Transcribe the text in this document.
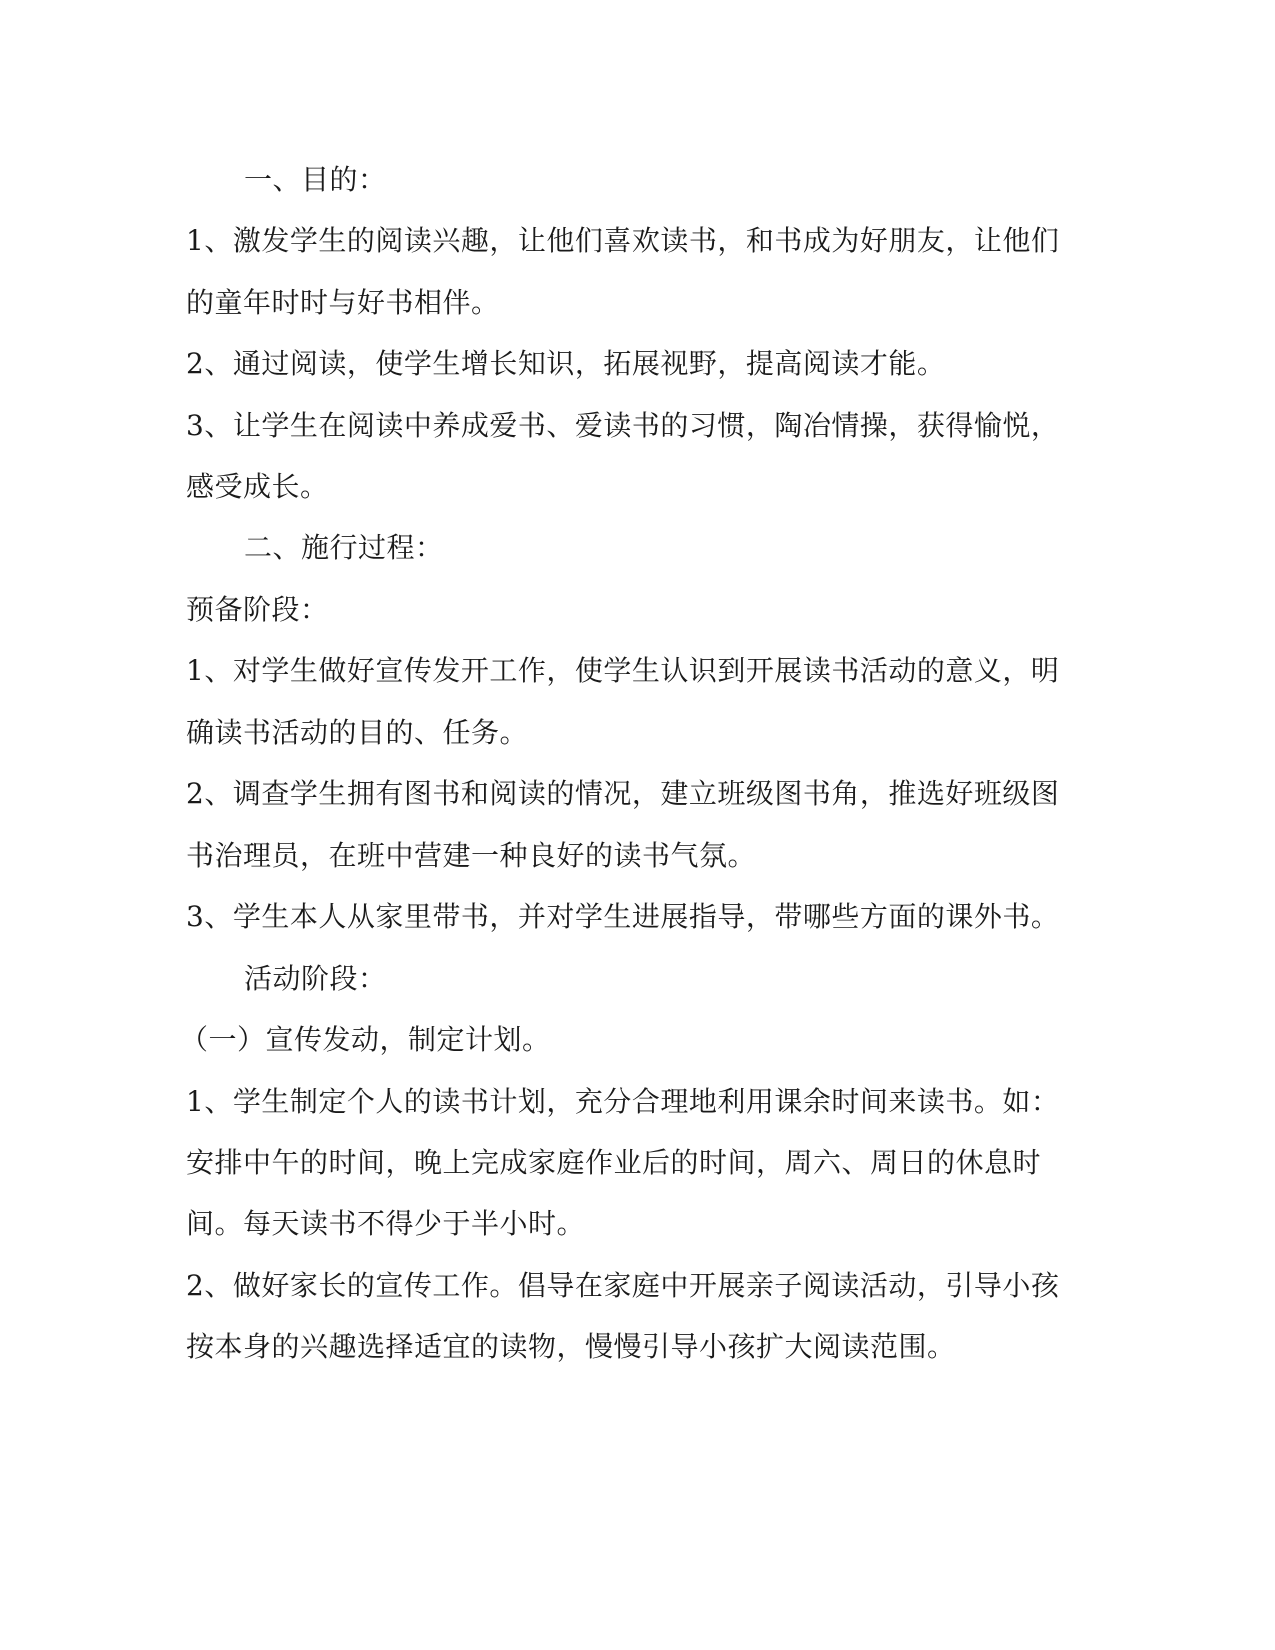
一、目的：
1、激发学生的阅读兴趣，让他们喜欢读书，和书成为好朋友，让他们
的童年时时与好书相伴。
2、通过阅读，使学生增长知识，拓展视野，提高阅读才能。
3、让学生在阅读中养成爱书、爱读书的习惯，陶冶情操，获得愉悦，
感受成长。
二、施行过程：
预备阶段：
1、对学生做好宣传发开工作，使学生认识到开展读书活动的意义，明
确读书活动的目的、任务。
2、调查学生拥有图书和阅读的情况，建立班级图书角，推选好班级图
书治理员，在班中营建一种良好的读书气氛。
3、学生本人从家里带书，并对学生进展指导，带哪些方面的课外书。
活动阶段：
（一）宣传发动，制定计划。
1、学生制定个人的读书计划，充分合理地利用课余时间来读书。如：
安排中午的时间，晚上完成家庭作业后的时间，周六、周日的休息时
间。每天读书不得少于半小时。
2、做好家长的宣传工作。倡导在家庭中开展亲子阅读活动，引导小孩
按本身的兴趣选择适宜的读物，慢慢引导小孩扩大阅读范围。
